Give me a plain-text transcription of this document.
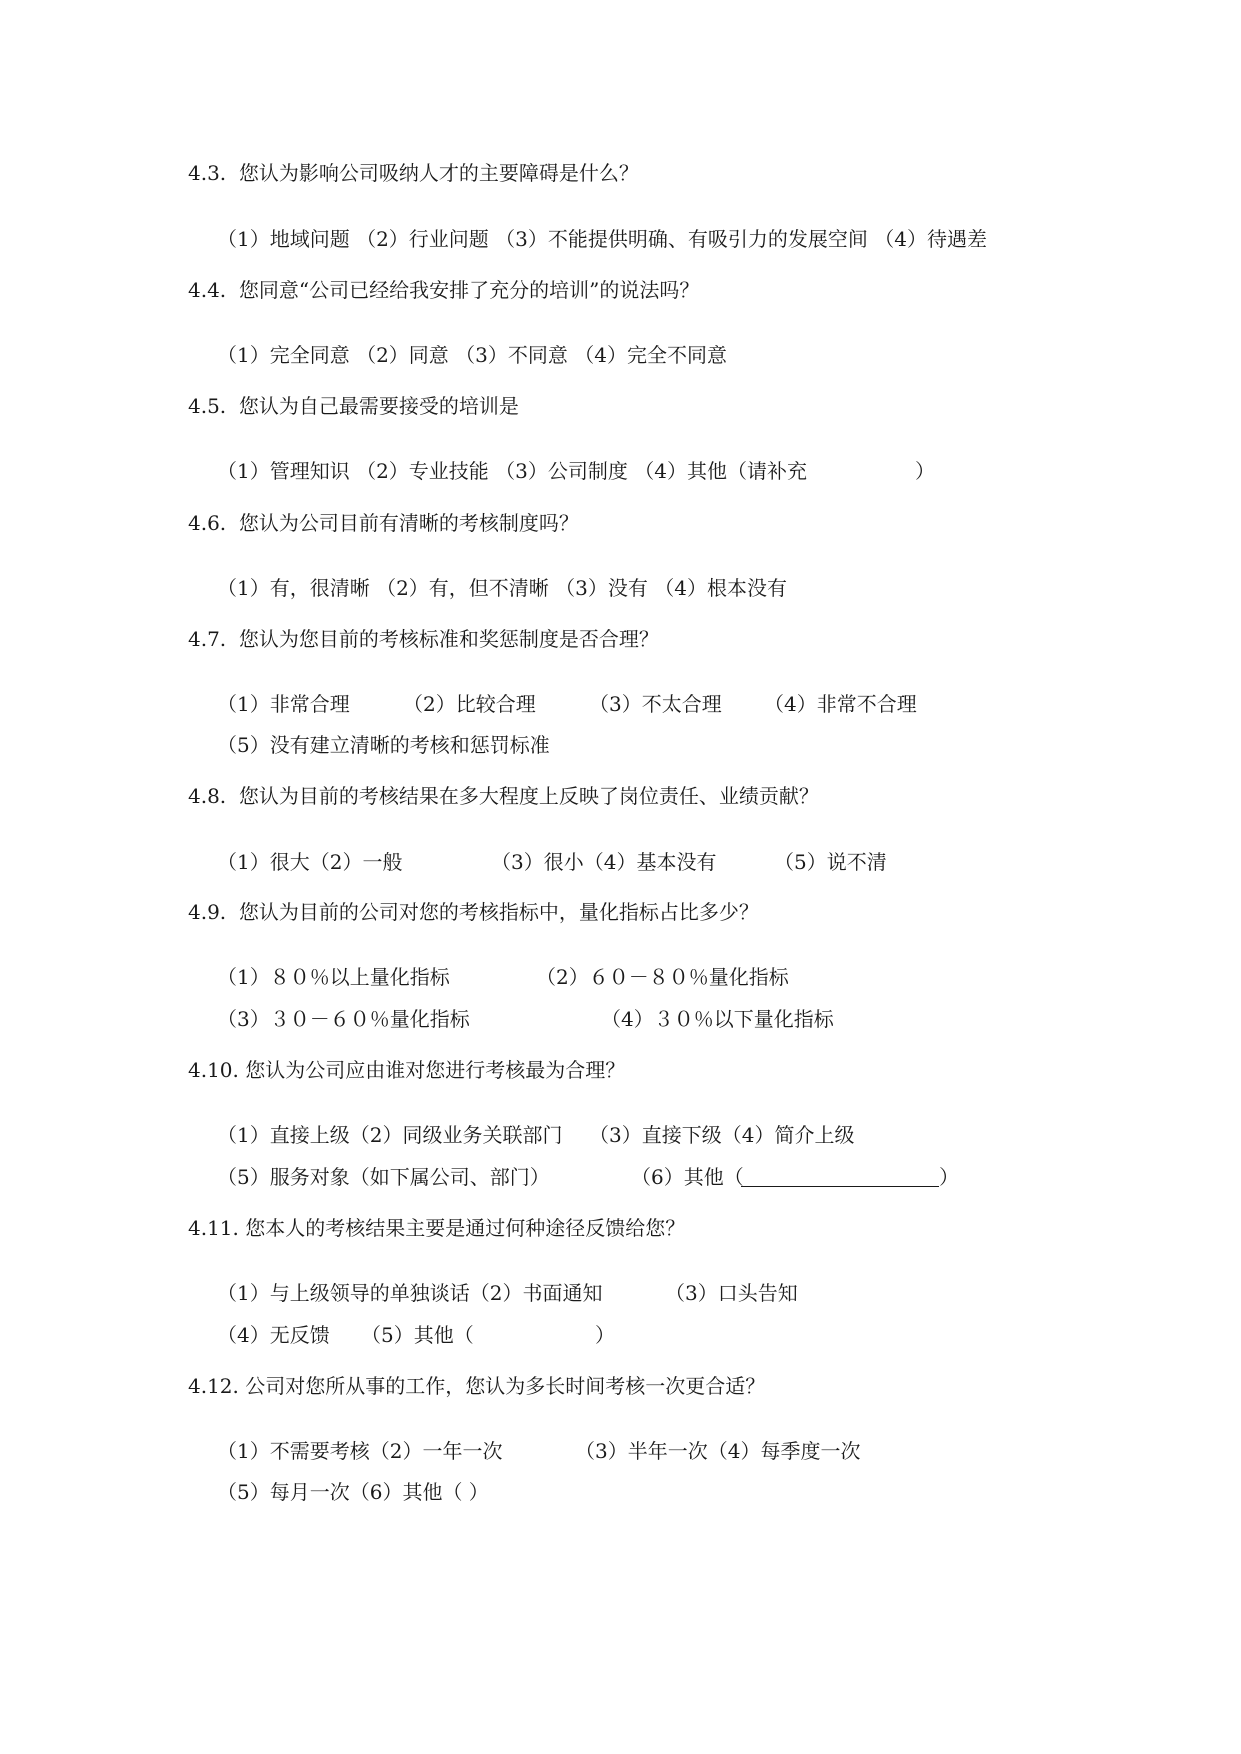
4.3.  您认为影响公司吸纳人才的主要障碍是什么？
（1）地域问题 （2）行业问题 （3）不能提供明确、有吸引力的发展空间 （4）待遇差
4.4.  您同意“公司已经给我安排了充分的培训”的说法吗？
（1）完全同意 （2）同意 （3）不同意 （4）完全不同意
4.5.  您认为自己最需要接受的培训是

（1）管理知识 （2）专业技能 （3）公司制度 （4）其他（请补充

	）

4.6.  您认为公司目前有清晰的考核制度吗？
（1）有，很清晰 （2）有，但不清晰 （3）没有 （4）根本没有
4.7.  您认为您目前的考核标准和奖惩制度是否合理？

（1）非常合理

	（2）比较合理

	（3）不太合理

（4）非常不合理

（5）没有建立清晰的考核和惩罚标准
4.8.  您认为目前的考核结果在多大程度上反映了岗位责任、业绩贡献？

（1）很大（2）一般

	（3）很小（4）基本没有

	（5）说不清

4.9.  您认为目前的公司对您的考核指标中，量化指标占比多少？

（1）８０％以上量化指标

	（2）６０－８０％量化指标

（3）３０－６０％量化指标

	（4）３０％以下量化指标

4.10. 您认为公司应由谁对您进行考核最为合理？

（1）直接上级（2）同级业务关联部门

（3）直接下级（4）简介上级

（5）服务对象（如下属公司、部门）

	（6）其他（

	）

4.11. 您本人的考核结果主要是通过何种途径反馈给您？

（1）与上级领导的单独谈话（2）书面通知

	（3）口头告知

（4）无反馈

（5）其他（

	）

4.12. 公司对您所从事的工作，您认为多长时间考核一次更合适？

（1）不需要考核（2）一年一次

	（3）半年一次（4）每季度一次

（5）每月一次（6）其他（ ）
